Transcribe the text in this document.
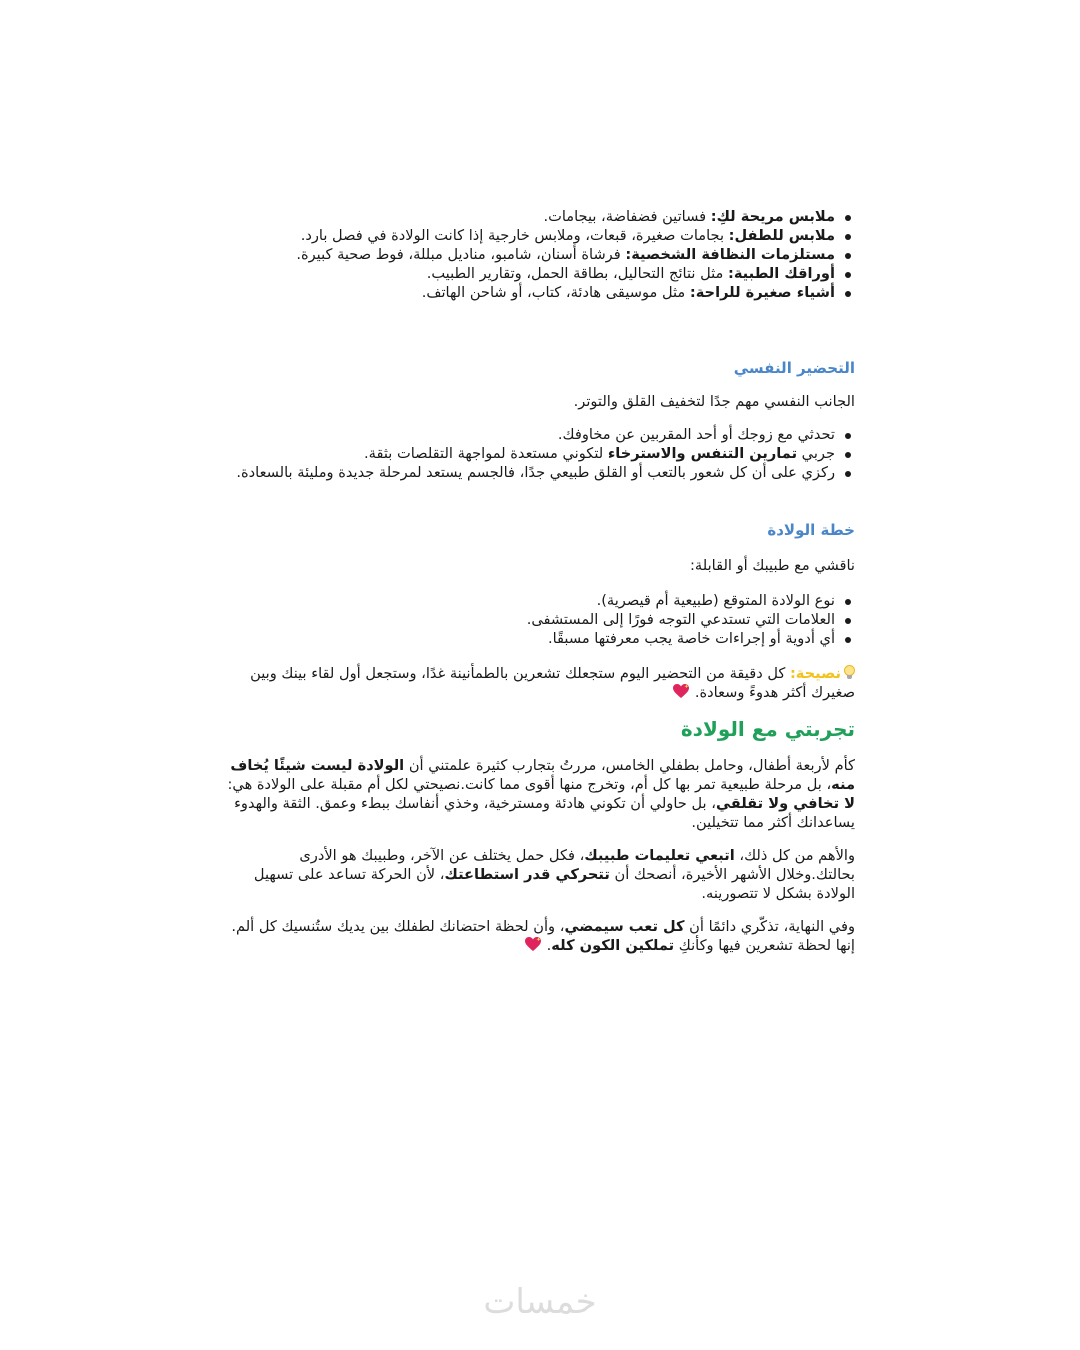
ملابس مريحة لكِ: فساتين فضفاضة، بيجامات.
ملابس للطفل: بجامات صغيرة، قبعات، وملابس خارجية إذا كانت الولادة في فصل بارد.
مستلزمات النظافة الشخصية: فرشاة أسنان، شامبو، مناديل مبللة، فوط صحية كبيرة.
أوراقك الطبية: مثل نتائج التحاليل، بطاقة الحمل، وتقارير الطبيب.
أشياء صغيرة للراحة: مثل موسيقى هادئة، كتاب، أو شاحن الهاتف.
التحضير النفسي

الجانب النفسي مهم جدًا لتخفيف القلق والتوتر.

تحدثي مع زوجك أو أحد المقربين عن مخاوفك.
جربي تمارين التنفس والاسترخاء لتكوني مستعدة لمواجهة التقلصات بثقة.
ركزي على أن كل شعور بالتعب أو القلق طبيعي جدًا، فالجسم يستعد لمرحلة جديدة ومليئة بالسعادة.
خطة الولادة

ناقشي مع طبيبك أو القابلة:

نوع الولادة المتوقع (طبيعية أم قيصرية).
العلامات التي تستدعي التوجه فورًا إلى المستشفى.
أي أدوية أو إجراءات خاصة يجب معرفتها مسبقًا.

نصيحة: كل دقيقة من التحضير اليوم ستجعلك تشعرين بالطمأنينة غدًا، وستجعل أول لقاء بينك وبين صغيرك أكثر هدوءً وسعادة.

تجربتي مع الولادة

كأم لأربعة أطفال، وحامل بطفلي الخامس، مررتُ بتجارب كثيرة علمتني أن الولادة ليست شيئًا يُخاف منه، بل مرحلة طبيعية تمر بها كل أم، وتخرج منها أقوى مما كانت.نصيحتي لكل أم مقبلة على الولادة هي: لا تخافي ولا تقلقي، بل حاولي أن تكوني هادئة ومسترخية، وخذي أنفاسك ببطء وعمق. الثقة والهدوء يساعدانك أكثر مما تتخيلين.

والأهم من كل ذلك، اتبعي تعليمات طبيبك، فكل حمل يختلف عن الآخر، وطبيبك هو الأدرى بحالتك.وخلال الأشهر الأخيرة، أنصحك أن تتحركي قدر استطاعتك، لأن الحركة تساعد على تسهيل الولادة بشكل لا تتصورينه.

وفي النهاية، تذكّري دائمًا أن كل تعب سيمضي، وأن لحظة احتضانك لطفلك بين يديك ستُنسيك كل ألم. إنها لحظة تشعرين فيها وكأنكِ تملكين الكون كله.

خمسات
